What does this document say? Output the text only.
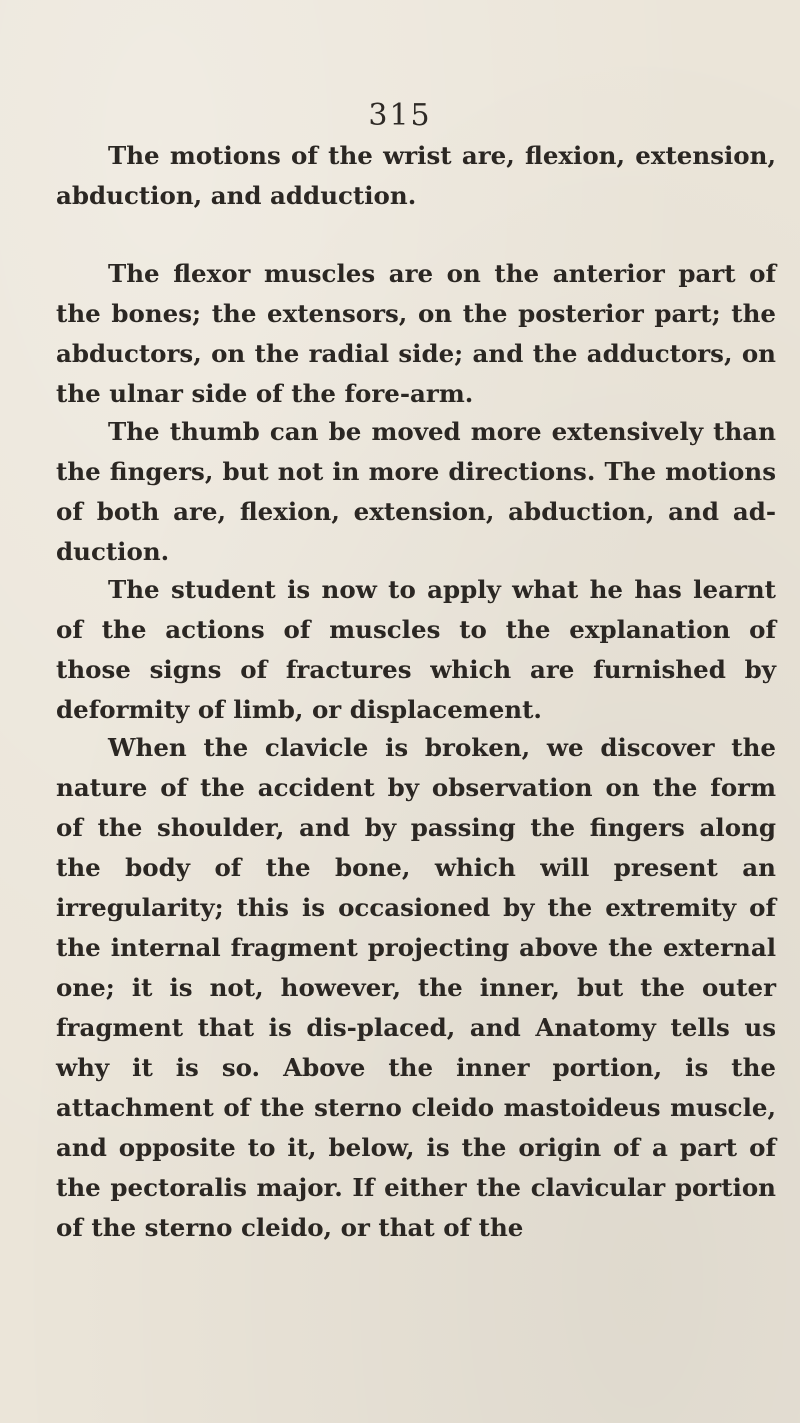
315

The motions of the wrist are, flexion, extension, abduction, and adduction.

The flexor muscles are on the anterior part of the bones; the extensors, on the posterior part; the abductors, on the radial side; and the adductors, on the ulnar side of the fore-arm.

The thumb can be moved more extensively than the fingers, but not in more directions. The motions of both are, flexion, extension, abduction, and ad-duction.

The student is now to apply what he has learnt of the actions of muscles to the explanation of those signs of fractures which are furnished by deformity of limb, or displacement.

When the clavicle is broken, we discover the nature of the accident by observation on the form of the shoulder, and by passing the fingers along the body of the bone, which will present an irregularity; this is occasioned by the extremity of the internal fragment projecting above the external one; it is not, however, the inner, but the outer fragment that is dis-placed, and Anatomy tells us why it is so. Above the inner portion, is the attachment of the sterno cleido mastoideus muscle, and opposite to it, below, is the origin of a part of the pectoralis major. If either the clavicular portion of the sterno cleido, or that of the
